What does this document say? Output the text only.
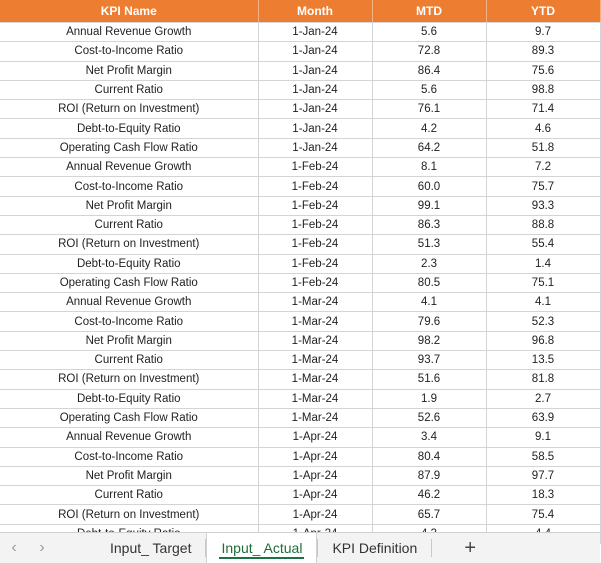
KPI Name	Month	MTD	YTD
Annual Revenue Growth	1-Jan-24	5.6	9.7
Cost-to-Income Ratio	1-Jan-24	72.8	89.3
Net Profit Margin	1-Jan-24	86.4	75.6
Current Ratio	1-Jan-24	5.6	98.8
ROI (Return on Investment)	1-Jan-24	76.1	71.4
Debt-to-Equity Ratio	1-Jan-24	4.2	4.6
Operating Cash Flow Ratio	1-Jan-24	64.2	51.8
Annual Revenue Growth	1-Feb-24	8.1	7.2
Cost-to-Income Ratio	1-Feb-24	60.0	75.7
Net Profit Margin	1-Feb-24	99.1	93.3
Current Ratio	1-Feb-24	86.3	88.8
ROI (Return on Investment)	1-Feb-24	51.3	55.4
Debt-to-Equity Ratio	1-Feb-24	2.3	1.4
Operating Cash Flow Ratio	1-Feb-24	80.5	75.1
Annual Revenue Growth	1-Mar-24	4.1	4.1
Cost-to-Income Ratio	1-Mar-24	79.6	52.3
Net Profit Margin	1-Mar-24	98.2	96.8
Current Ratio	1-Mar-24	93.7	13.5
ROI (Return on Investment)	1-Mar-24	51.6	81.8
Debt-to-Equity Ratio	1-Mar-24	1.9	2.7
Operating Cash Flow Ratio	1-Mar-24	52.6	63.9
Annual Revenue Growth	1-Apr-24	3.4	9.1
Cost-to-Income Ratio	1-Apr-24	80.4	58.5
Net Profit Margin	1-Apr-24	87.9	97.7
Current Ratio	1-Apr-24	46.2	18.3
ROI (Return on Investment)	1-Apr-24	65.7	75.4

‹	›	Input_ Target	Input_ Actual	KPI Definition	+
